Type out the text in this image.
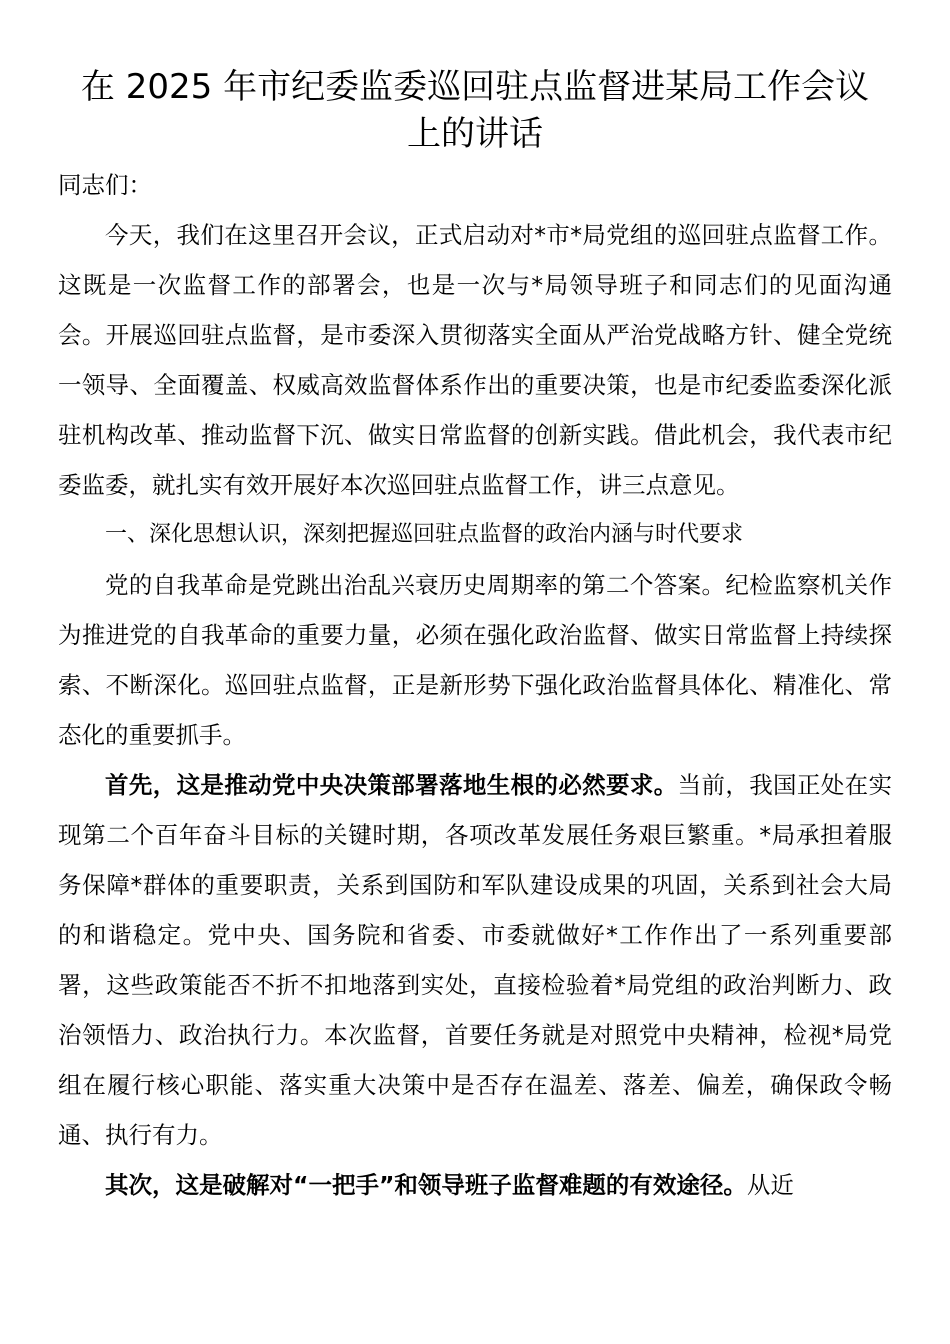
在 2025 年市纪委监委巡回驻点监督进某局工作会议
上的讲话

同志们：

今天，我们在这里召开会议，正式启动对*市*局党组的巡回驻点监督工作。这既是一次监督工作的部署会，也是一次与*局领导班子和同志们的见面沟通会。开展巡回驻点监督，是市委深入贯彻落实全面从严治党战略方针、健全党统一领导、全面覆盖、权威高效监督体系作出的重要决策，也是市纪委监委深化派驻机构改革、推动监督下沉、做实日常监督的创新实践。借此机会，我代表市纪委监委，就扎实有效开展好本次巡回驻点监督工作，讲三点意见。

一、深化思想认识，深刻把握巡回驻点监督的政治内涵与时代要求

党的自我革命是党跳出治乱兴衰历史周期率的第二个答案。纪检监察机关作为推进党的自我革命的重要力量，必须在强化政治监督、做实日常监督上持续探索、不断深化。巡回驻点监督，正是新形势下强化政治监督具体化、精准化、常态化的重要抓手。

首先，这是推动党中央决策部署落地生根的必然要求。当前，我国正处在实现第二个百年奋斗目标的关键时期，各项改革发展任务艰巨繁重。*局承担着服务保障*群体的重要职责，关系到国防和军队建设成果的巩固，关系到社会大局的和谐稳定。党中央、国务院和省委、市委就做好*工作作出了一系列重要部署，这些政策能否不折不扣地落到实处，直接检验着*局党组的政治判断力、政治领悟力、政治执行力。本次监督，首要任务就是对照党中央精神，检视*局党组在履行核心职能、落实重大决策中是否存在温差、落差、偏差，确保政令畅通、执行有力。

其次，这是破解对“一把手”和领导班子监督难题的有效途径。从近
